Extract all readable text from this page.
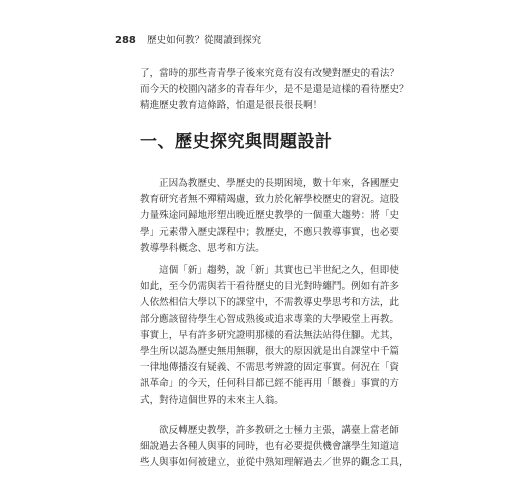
288 歷史如何教？從閱讀到探究
了，當時的那些青青學子後來究竟有沒有改變對歷史的看法？
而今天的校園內諸多的青春年少，是不是還是這樣的看待歷史？
精進歷史教育這條路，怕還是很長很長啊！
一、歷史探究與問題設計
正因為教歷史、學歷史的長期困境，數十年來，各國歷史
教育研究者無不殫精竭慮，致力於化解學校歷史的窘況。這股
力量殊途同歸地形塑出晚近歷史教學的一個重大趨勢：將「史
學」元素帶入歷史課程中；教歷史，不應只教導事實，也必要
教導學科概念、思考和方法。
這個「新」趨勢，說「新」其實也已半世紀之久，但即使
如此，至今仍需與若干看待歷史的目光對時纏鬥。例如有許多
人依然相信大學以下的課堂中，不需教導史學思考和方法，此
部分應該留待學生心智成熟後或追求專業的大學殿堂上再教。
事實上，早有許多研究證明那樣的看法無法站得住腳。尤其，
學生所以認為歷史無用無聊，很大的原因就是出自課堂中千篇
一律地傳播沒有疑義、不需思考辨證的固定事實。何況在「資
訊革命」的今天，任何科目都已經不能再用「餵養」事實的方
式，對待這個世界的未來主人翁。
欲反轉歷史教學，許多教研之士極力主張，講臺上當老師
細說過去各種人與事的同時，也有必要提供機會讓學生知道這
些人與事如何被建立，並從中熟知理解過去／世界的觀念工具，
